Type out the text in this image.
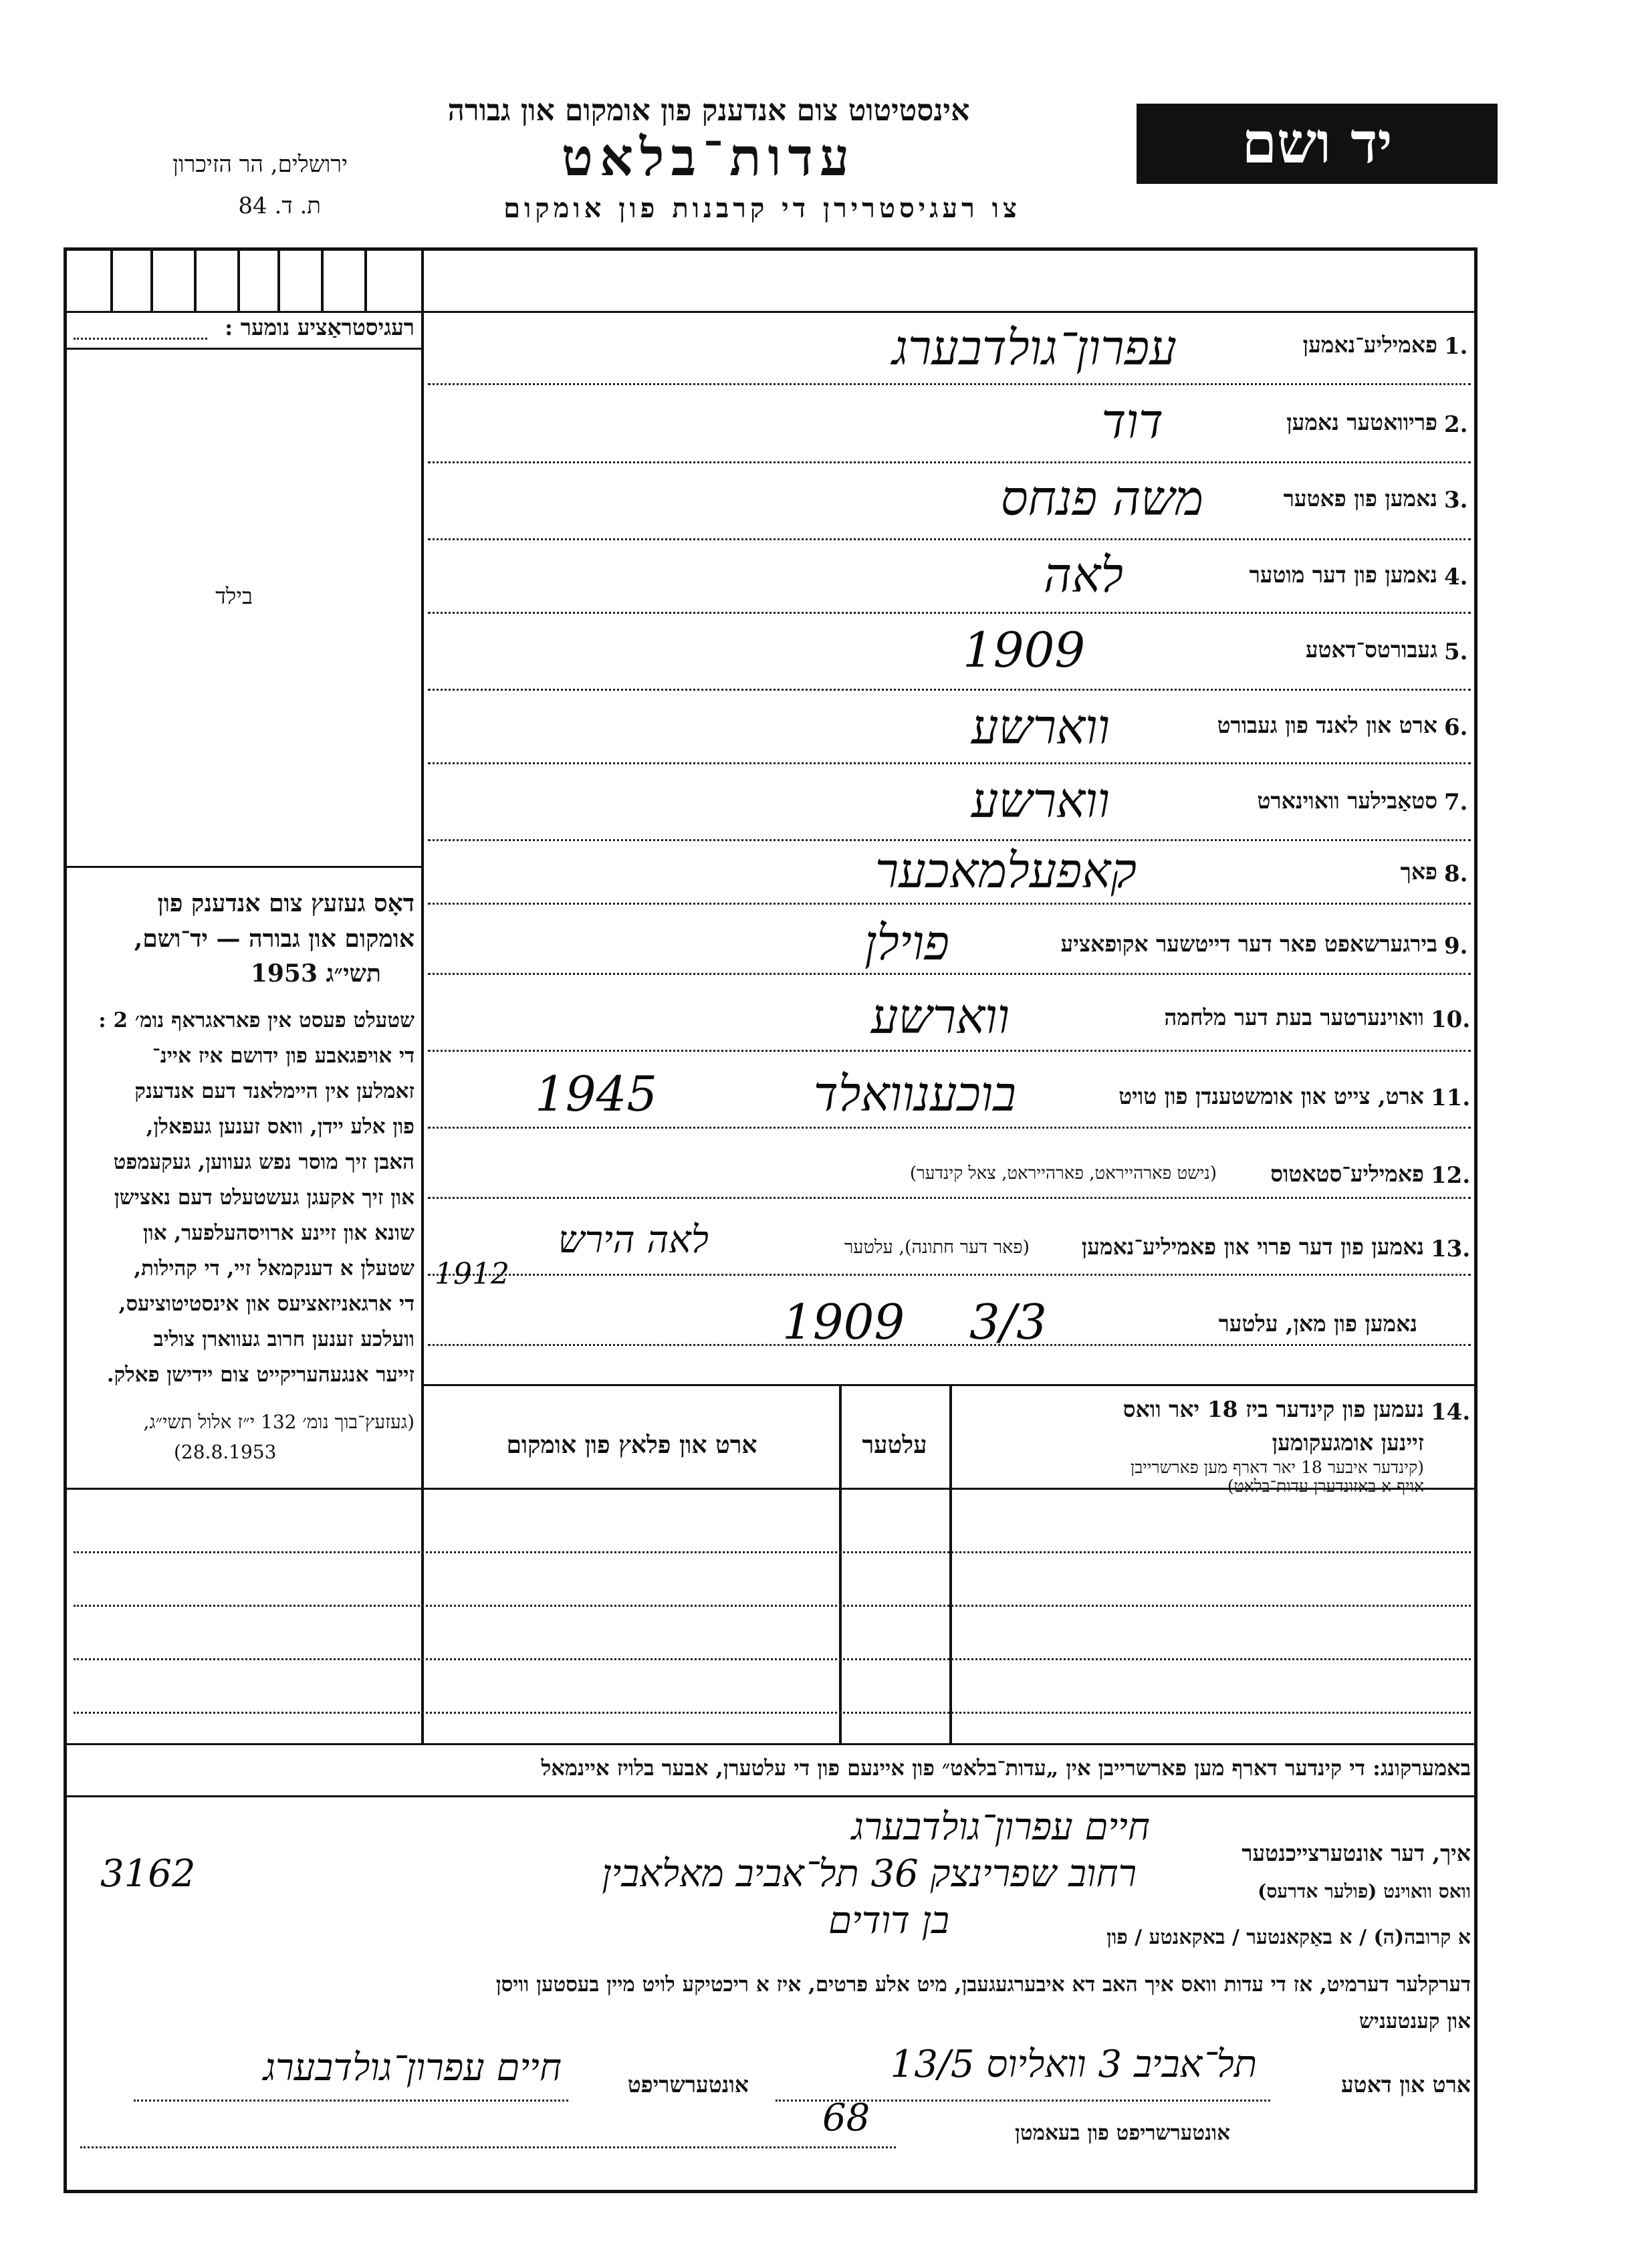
אינסטיטוט צום אנדענק פון אומקום און גבורה
עדות־בלאט
צו רעגיסטרירן די קרבנות פון אומקום
ירושלים, הר הזיכרון
ת. ד. 84
יד ושם
רעגיסטראַציע נומער :
בילד
דאָס געזעץ צום אנדענק פון
אומקום און גבורה — יד־ושם,
תשי״ג 1953
שטעלט פעסט אין פאראגראף נומ׳ 2 :
די אויפגאבע פון ידושם איז איינ־
זאמלען אין היימלאנד דעם אנדענק
פון אלע יידן, וואס זענען געפאלן,
האבן זיך מוסר נפש געווען, געקעמפט
און זיך אקעגן געשטעלט דעם נאצישן
שונא און זיינע ארויסהעלפער, און
שטעלן א דענקמאל זיי, די קהילות,
די ארגאניזאציעס און אינסטיטוציעס,
וועלכע זענען חרוב געווארן צוליב
זייער אנגעהעריקייט צום יידישן פאלק.
(געזעץ־בוך נומ׳ 132 י״ז אלול תשי״ג,
(28.8.1953
1.
פאמיליע־נאמען
עפרון־גולדבערג
2.
פריוואטער נאמען
דוד
3.
נאמען פון פאטער
משה פנחס
4.
נאמען פון דער מוטער
לאה
5.
געבורטס־דאטע
1909
6.
ארט און לאנד פון געבורט
ווארשע
7.
סטאַבילער וואוינארט
ווארשע
8.
פאך
קאפעלמאכער
9.
בירגערשאפט פאר דער דייטשער אקופאציע
פוילן
10.
וואוינערטער בעת דער מלחמה
ווארשע
11.
ארט, צייט און אומשטענדן פון טויט
בוכענוואלד
1945
12.
פאמיליע־סטאטוס
(נישט פארהייראט, פארהייראט, צאל קינדער)
13.
נאמען פון דער פרוי און פאמיליע־נאמען
(פאר דער חתונה), עלטער
לאה הירש
1912
נאמען פון מאן, עלטער
3/3
1909
14.
נעמען פון קינדער ביז 18 יאר וואס
זיינען אומגעקומען
(קינדער איבער 18 יאר דארף מען פארשרייבן
אויף א באזונדערן עדות־בלאט)
עלטער
ארט און פלאץ פון אומקום
באמערקונג: די קינדער דארף מען פארשרייבן אין „עדות־בלאט״ פון איינעם פון די עלטערן, אבער בלויז איינמאל
איך, דער אונטערצייכנטער
חיים עפרון־גולדבערג
וואס וואוינט (פולער אדרעס)
רחוב שפרינצק 36 תל־אביב מאלאבין
3162
א קרובה(ה) / א באַקאנטער / באקאנטע / פון
בן דודים
דערקלער דערמיט, אז די עדות וואס איך האב דא איבערגעגעבן, מיט אלע פרטים, איז א ריכטיקע לויט מיין בעסטען וויסן
און קענטעניש
ארט און דאטע
תל־אביב 3 וואליוס 13/5
68
אונטערשריפט
חיים עפרון־גולדבערג
אונטערשריפט פון בעאמטן
